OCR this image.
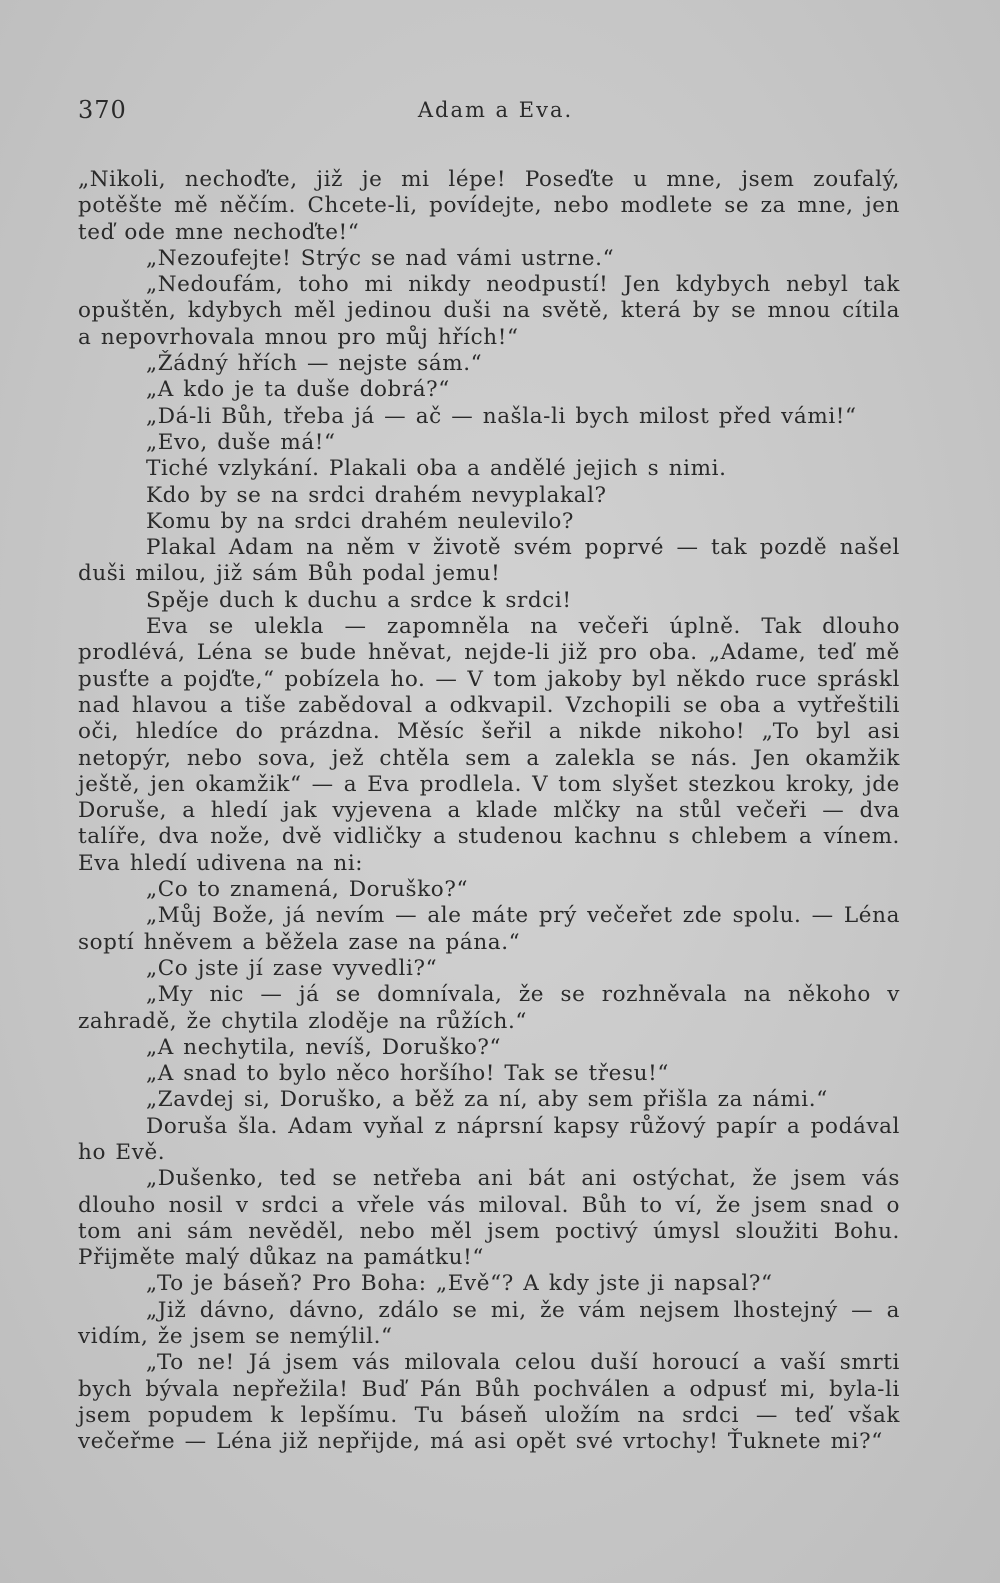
370	Adam a Eva.

„Nikoli, nechoďte, již je mi lépe! Poseďte u mne, jsem zoufalý, potěšte mě něčím. Chcete-li, povídejte, nebo modlete se za mne, jen teď ode mne nechoďte!“

„Nezoufejte! Strýc se nad vámi ustrne.“

„Nedoufám, toho mi nikdy neodpustí! Jen kdybych nebyl tak opuštěn, kdybych měl jedinou duši na světě, která by se mnou cítila a nepovrhovala mnou pro můj hřích!“

„Žádný hřích — nejste sám.“

„A kdo je ta duše dobrá?“

„Dá-li Bůh, třeba já — ač — našla-li bych milost před vámi!“

„Evo, duše má!“

Tiché vzlykání. Plakali oba a andělé jejich s nimi.

Kdo by se na srdci drahém nevyplakal?

Komu by na srdci drahém neulevilo?

Plakal Adam na něm v životě svém poprvé — tak pozdě našel duši milou, již sám Bůh podal jemu!

Spěje duch k duchu a srdce k srdci!

Eva se ulekla — zapomněla na večeři úplně. Tak dlouho prodlévá, Léna se bude hněvat, nejde-li již pro oba. „Adame, teď mě pusťte a pojďte,“ pobízela ho. — V tom jakoby byl někdo ruce spráskl nad hlavou a tiše zabědoval a odkvapil. Vzchopili se oba a vytřeštili oči, hledíce do prázdna. Měsíc šeřil a nikde nikoho! „To byl asi netopýr, nebo sova, jež chtěla sem a zalekla se nás. Jen okamžik ještě, jen okamžik“ — a Eva prodlela. V tom slyšet stezkou kroky, jde Doruše, a hledí jak vyjevena a klade mlčky na stůl večeři — dva talíře, dva nože, dvě vidličky a studenou kachnu s chlebem a vínem. Eva hledí udivena na ni:

„Co to znamená, Doruško?“

„Můj Bože, já nevím — ale máte prý večeřet zde spolu. — Léna soptí hněvem a běžela zase na pána.“

„Co jste jí zase vyvedli?“

„My nic — já se domnívala, že se rozhněvala na někoho v zahradě, že chytila zloděje na růžích.“

„A nechytila, nevíš, Doruško?“

„A snad to bylo něco horšího! Tak se třesu!“

„Zavdej si, Doruško, a běž za ní, aby sem přišla za námi.“

Doruša šla. Adam vyňal z náprsní kapsy růžový papír a podával ho Evě.

„Dušenko, ted se netřeba ani bát ani ostýchat, že jsem vás dlouho nosil v srdci a vřele vás miloval. Bůh to ví, že jsem snad o tom ani sám nevěděl, nebo měl jsem poctivý úmysl sloužiti Bohu. Přijměte malý důkaz na památku!“

„To je báseň? Pro Boha: „Evě“? A kdy jste ji napsal?“

„Již dávno, dávno, zdálo se mi, že vám nejsem lhostejný — a vidím, že jsem se nemýlil.“

„To ne! Já jsem vás milovala celou duší horoucí a vaší smrti bych bývala nepřežila! Buď Pán Bůh pochválen a odpusť mi, byla-li jsem popudem k lepšímu. Tu báseň uložím na srdci — teď však večeřme — Léna již nepřijde, má asi opět své vrtochy! Ťuknete mi?“
